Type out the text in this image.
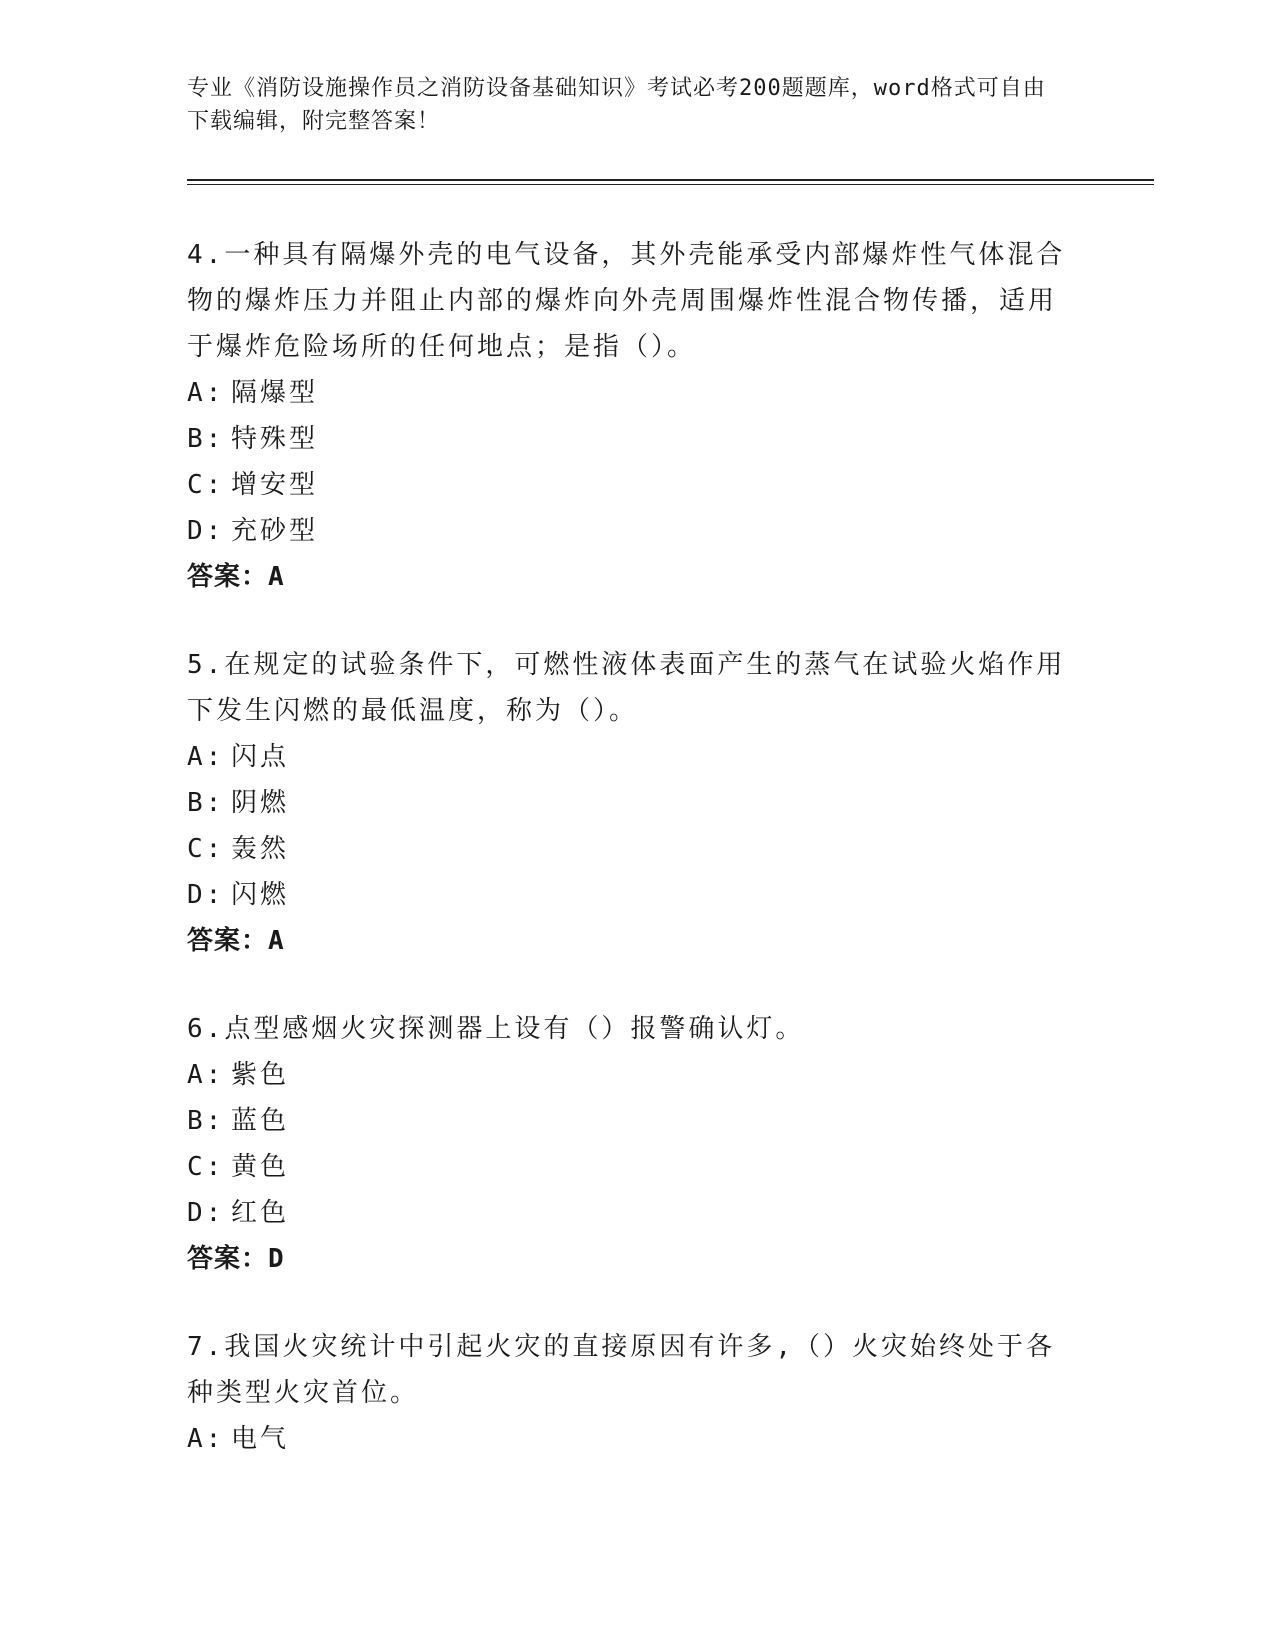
专业《消防设施操作员之消防设备基础知识》考试必考200题题库，word格式可自由下载编辑，附完整答案！
4.一种具有隔爆外壳的电气设备，其外壳能承受内部爆炸性气体混合物的爆炸压力并阻止内部的爆炸向外壳周围爆炸性混合物传播，适用于爆炸危险场所的任何地点；是指（）。
A: 隔爆型
B: 特殊型
C: 增安型
D: 充砂型
答案：A
5.在规定的试验条件下，可燃性液体表面产生的蒸气在试验火焰作用下发生闪燃的最低温度，称为（）。
A: 闪点
B: 阴燃
C: 轰然
D: 闪燃
答案：A
6.点型感烟火灾探测器上设有（）报警确认灯。
A: 紫色
B: 蓝色
C: 黄色
D: 红色
答案：D
7.我国火灾统计中引起火灾的直接原因有许多,（）火灾始终处于各种类型火灾首位。
A: 电气
